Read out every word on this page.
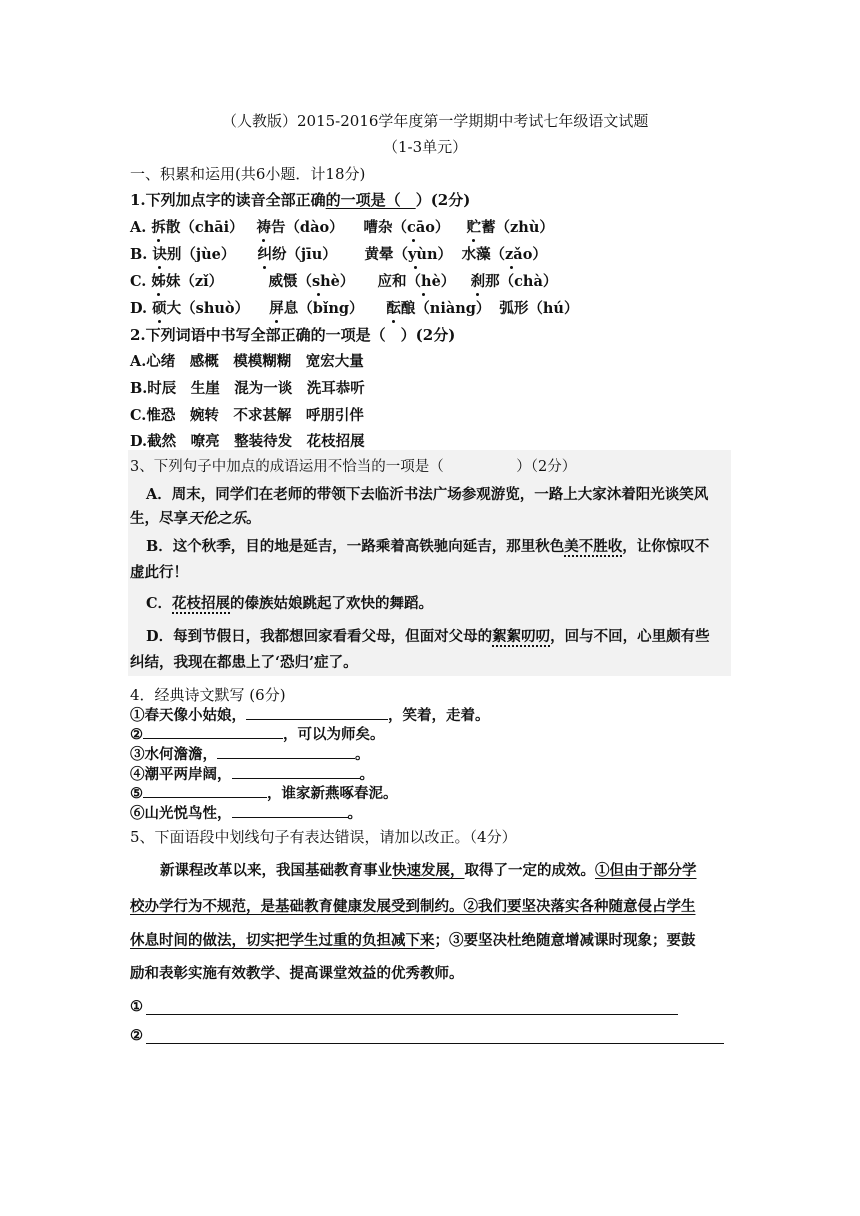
（人教版）2015-2016学年度第一学期期中考试七年级语文试题
（1-3单元）
一、积累和运用(共6小题．计18分)
1.下列加点字的读音全部正确的一项是（　）(2分)
A. 拆散（chāi） 祷告（dào） 嘈杂（cāo） 贮蓄（zhù）
B. 诀别（jùe） 纠纷（jīu） 黄晕（yùn） 水藻（zǎo）
C. 姊妹（zǐ）	威慑（shè） 应和（hè） 刹那（chà）
D. 硕大（shuò） 屏息（bǐng） 酝酿（niàng） 弧形（hú）
2.下列词语中书写全部正确的一项是（　）(2分)
A.心绪　感概　模模糊糊　宽宏大量
B.时辰　生崖　混为一谈　洗耳恭听
C.惟恐　婉转　不求甚解　呼朋引伴
D.截然　嘹亮　整装待发　花枝招展
3、下列句子中加点的成语运用不恰当的一项是（　　　　　）（2分）
A．周末，同学们在老师的带领下去临沂书法广场参观游览，一路上大家沐着阳光谈笑风
生，尽享天伦之乐。
B．这个秋季，目的地是延吉，一路乘着高铁驰向延吉，那里秋色美不胜收，让你惊叹不
虚此行！
C．花枝招展的傣族姑娘跳起了欢快的舞蹈。
D．每到节假日，我都想回家看看父母，但面对父母的絮絮叨叨，回与不回，心里颇有些
纠结，我现在都患上了‘恐归’症了。
4．经典诗文默写 (6分)
①春天像小姑娘，	，笑着，走着。
②	，可以为师矣。
③水何澹澹，	。
④潮平两岸阔，	。
⑤	，谁家新燕啄春泥。
⑥山光悦鸟性，	。
5、下面语段中划线句子有表达错误，请加以改正。（4分）
新课程改革以来，我国基础教育事业快速发展，取得了一定的成效。①但由于部分学
校办学行为不规范，是基础教育健康发展受到制约。②我们要坚决落实各种随意侵占学生
休息时间的做法，切实把学生过重的负担减下来；③要坚决杜绝随意增减课时现象；要鼓
励和表彰实施有效教学、提高课堂效益的优秀教师。
①
②
